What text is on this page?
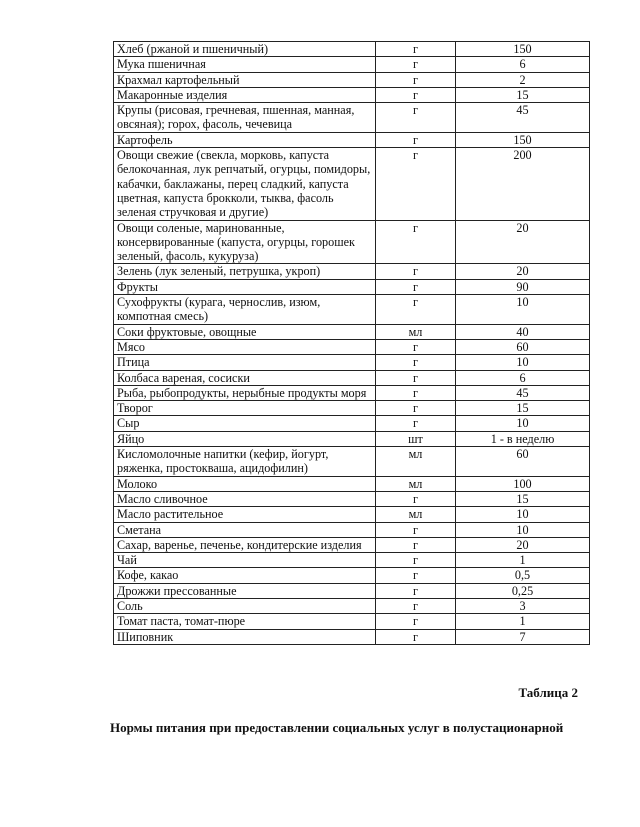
Хлеб (ржаной и пшеничный)	г	150
Мука пшеничная	г	6
Крахмал картофельный	г	2
Макаронные изделия	г	15
Крупы (рисовая, гречневая, пшенная, манная, овсяная); горох, фасоль, чечевица	г	45
Картофель	г	150
Овощи свежие (свекла, морковь, капуста белокочанная, лук репчатый, огурцы, помидоры, кабачки, баклажаны, перец сладкий, капуста цветная, капуста брокколи, тыква, фасоль зеленая стручковая и другие)	г	200
Овощи соленые, маринованные, консервированные (капуста, огурцы, горошек зеленый, фасоль, кукуруза)	г	20
Зелень (лук зеленый, петрушка, укроп)	г	20
Фрукты	г	90
Сухофрукты (курага, чернослив, изюм, компотная смесь)	г	10
Соки фруктовые, овощные	мл	40
Мясо	г	60
Птица	г	10
Колбаса вареная, сосиски	г	6
Рыба, рыбопродукты, нерыбные продукты моря	г	45
Творог	г	15
Сыр	г	10
Яйцо	шт	1 - в неделю
Кисломолочные напитки (кефир, йогурт, ряженка, простокваша, ацидофилин)	мл	60
Молоко	мл	100
Масло сливочное	г	15
Масло растительное	мл	10
Сметана	г	10
Сахар, варенье, печенье, кондитерские изделия	г	20
Чай	г	1
Кофе, какао	г	0,5
Дрожжи прессованные	г	0,25
Соль	г	3
Томат паста, томат-пюре	г	1
Шиповник	г	7
Таблица 2
Нормы питания при предоставлении социальных услуг в полустационарной
